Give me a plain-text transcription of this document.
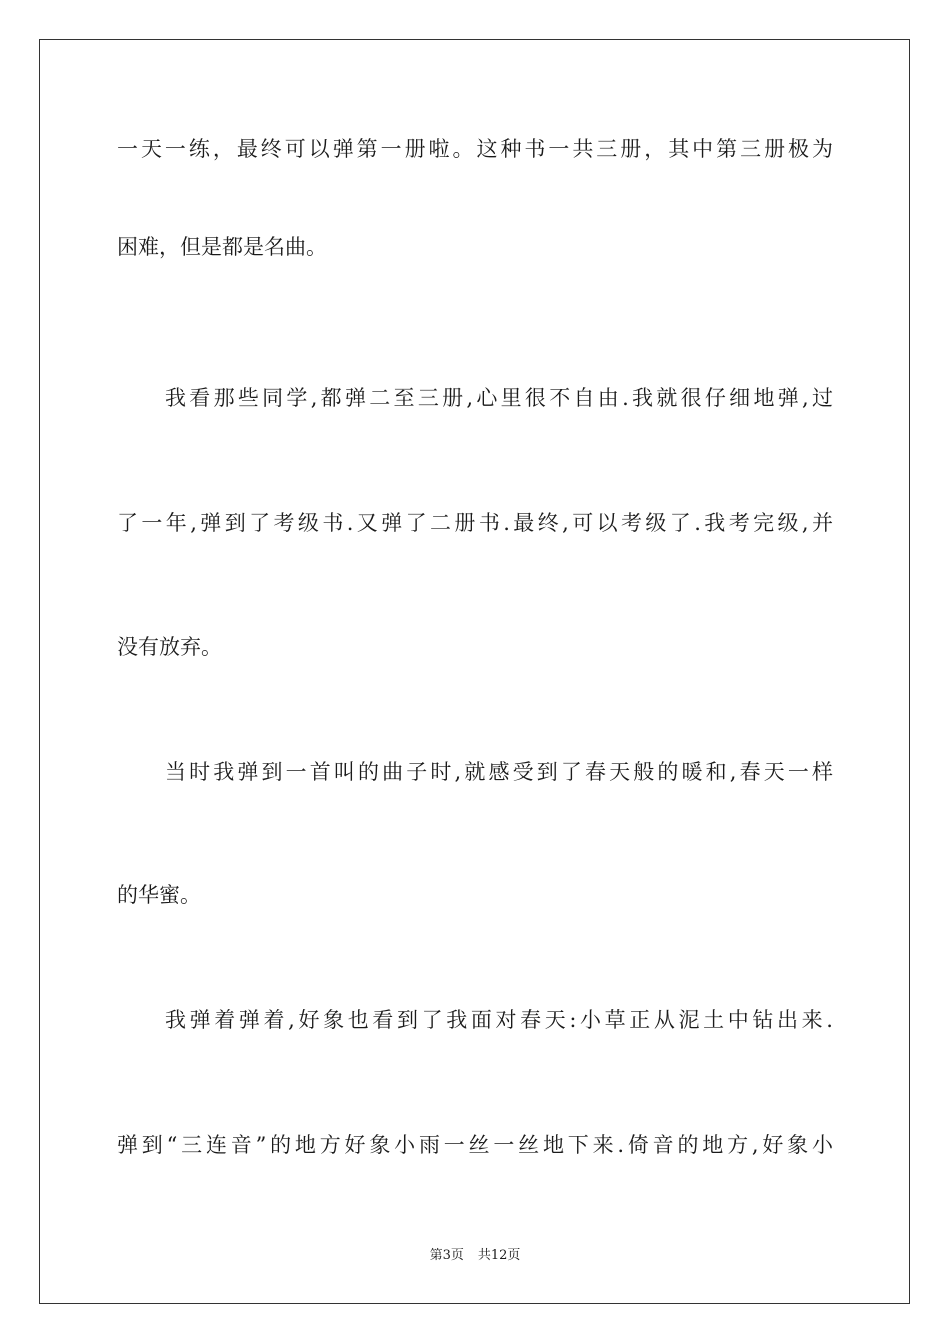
一天一练，最终可以弹第一册啦。这种书一共三册，其中第三册极为
困难，但是都是名曲。
我看那些同学,都弹二至三册,心里很不自由.我就很仔细地弹,过
了一年,弹到了考级书.又弹了二册书.最终,可以考级了.我考完级,并
没有放弃。
当时我弹到一首叫的曲子时,就感受到了春天般的暖和,春天一样
的华蜜。
我弹着弹着,好象也看到了我面对春天:小草正从泥土中钻出来.
弹到“三连音”的地方好象小雨一丝一丝地下来.倚音的地方,好象小
第3页 共12页
